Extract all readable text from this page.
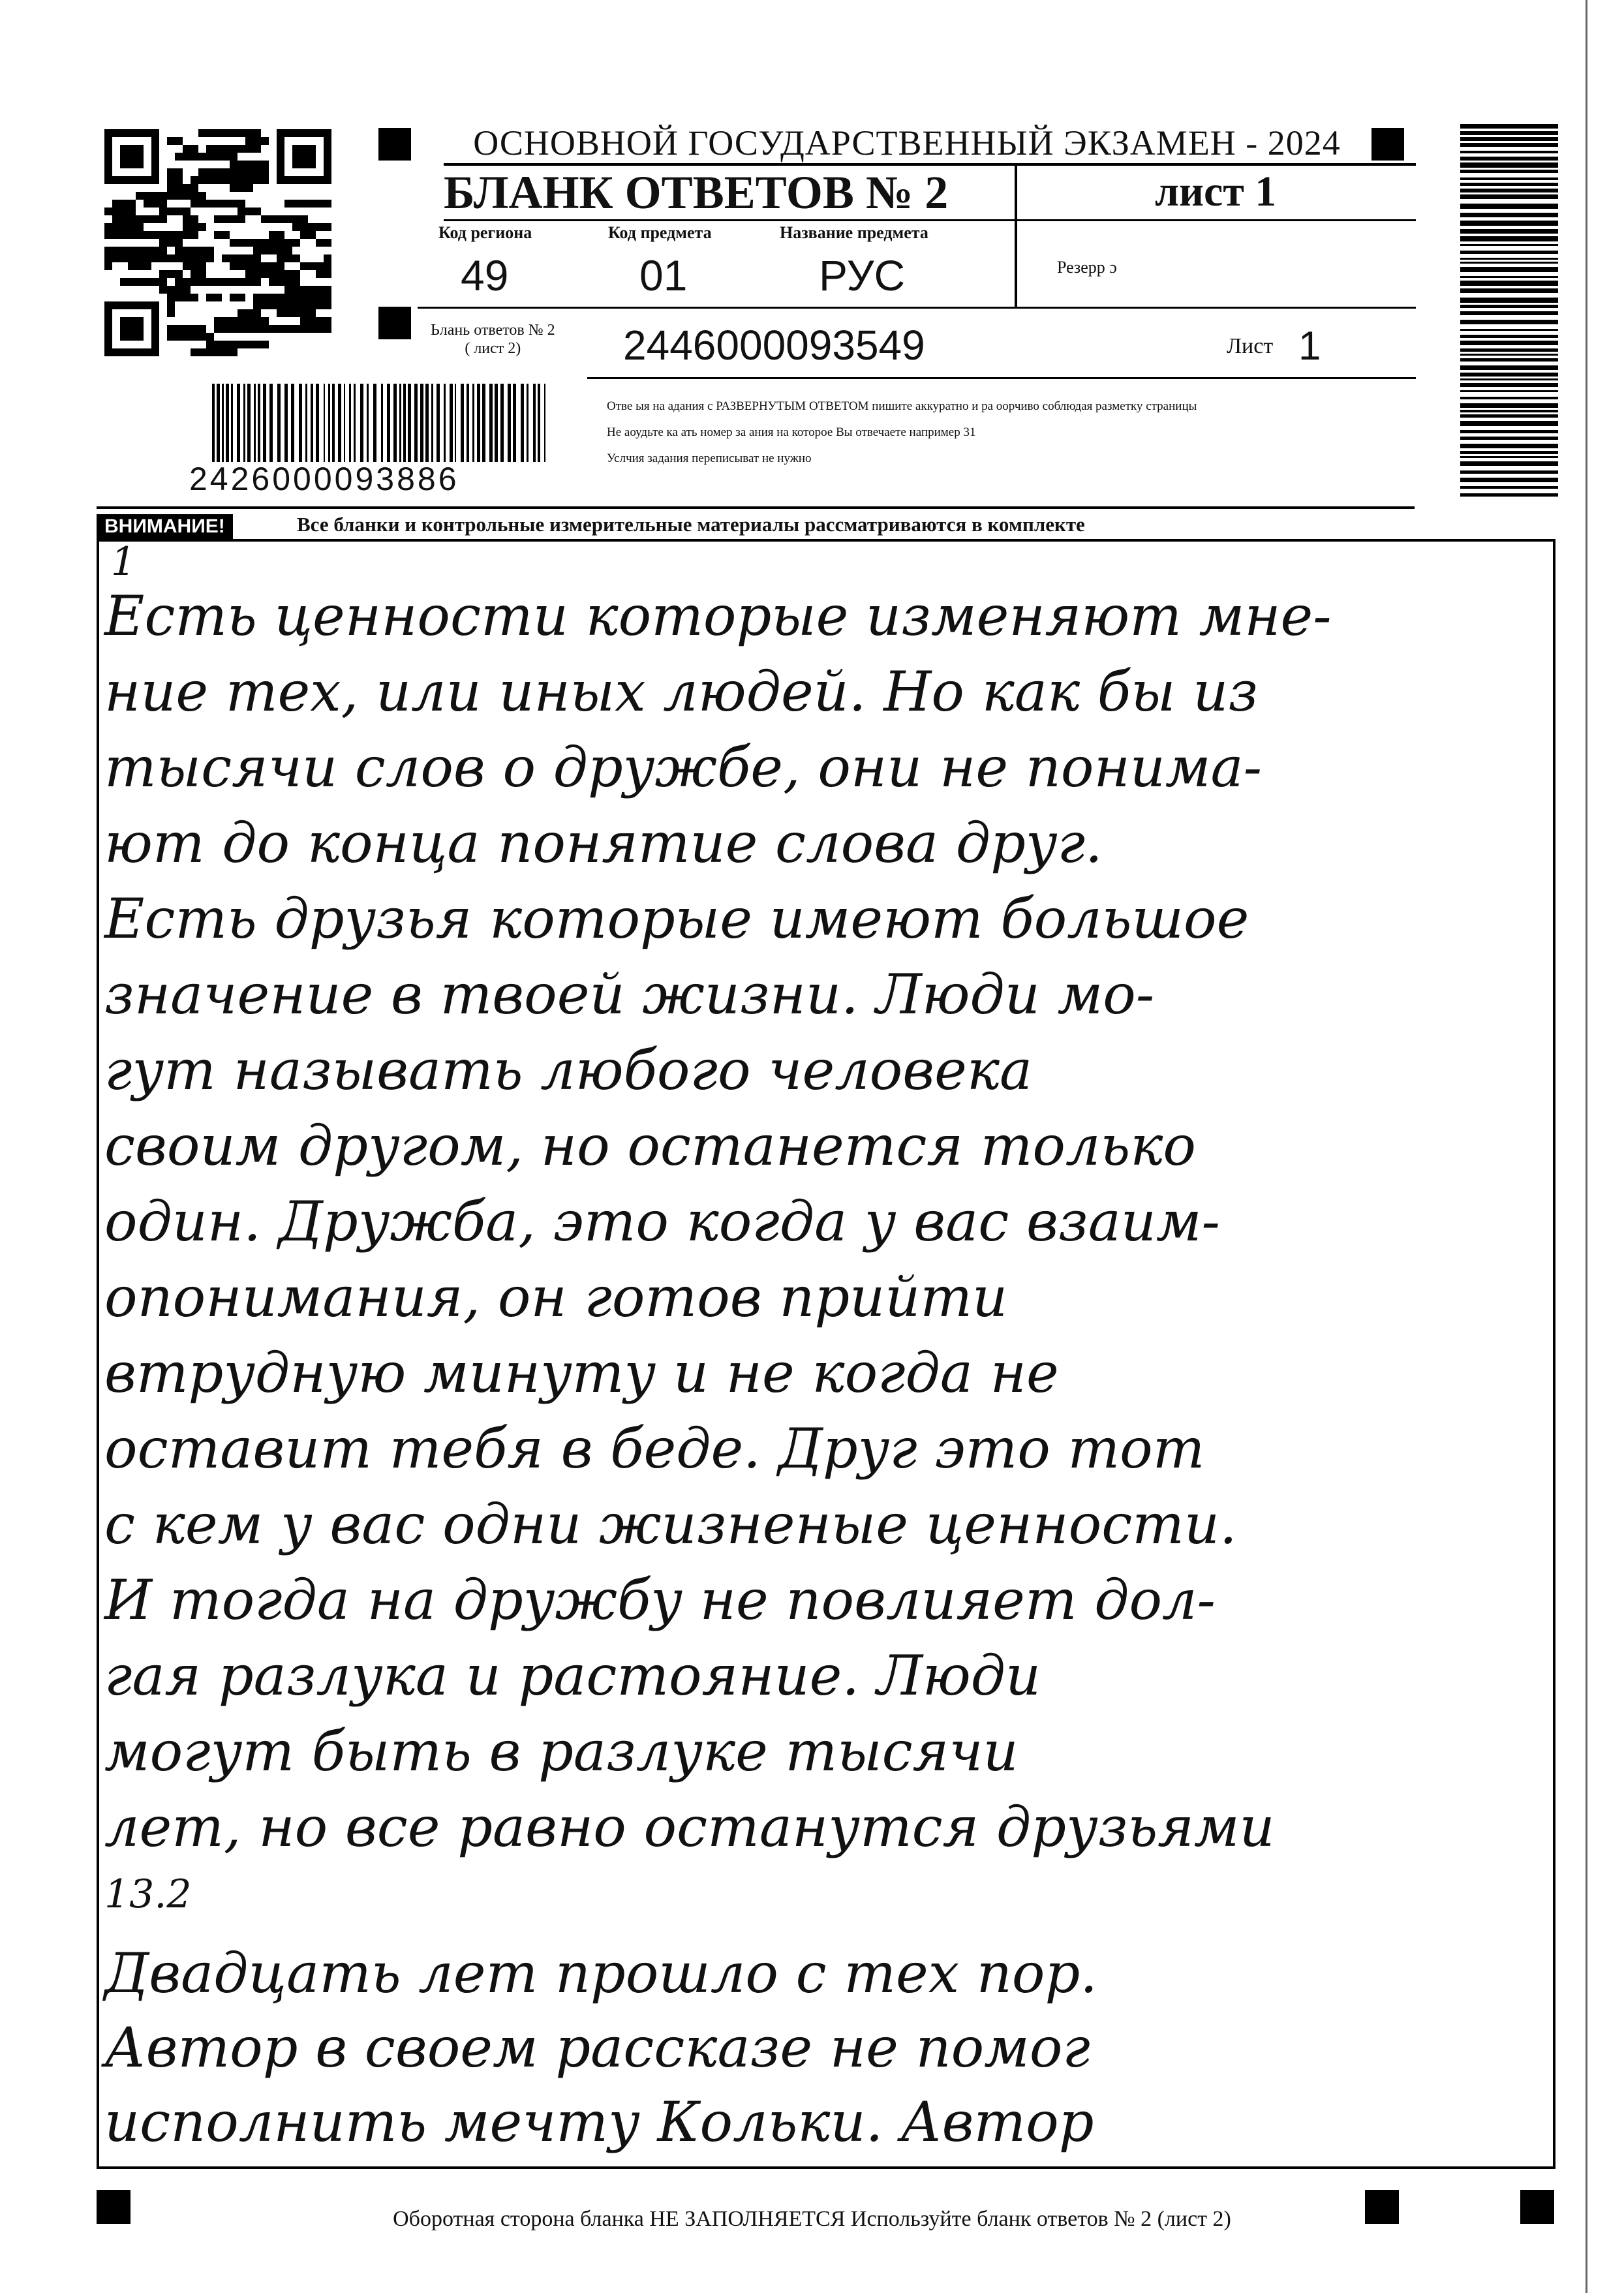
ОСНОВНОЙ ГОСУДАРСТВЕННЫЙ ЭКЗАМЕН - 2024
БЛАНК ОТВЕТОВ № 2	лист 1
Код региона	Код предмета	Название предмета
49	01	РУС	Резерр ɔ
Ьлань ответов № 2
( лист 2)	2446000093549	Лист 1
2426000093886
Отве ыя на адания с РАЗВЕРНУТЫМ ОТВЕТОМ пишите аккуратно и ра оорчиво соблюдая разметку страницы
Не аоудьте ка ать номер за ания на которое Вы отвечаете например 31
Услчия задания переписыват не нужно
ВНИМАНИЕ!	Все бланки и контрольные измерительные материалы рассматриваются в комплекте
1
Есть ценности которые изменяют мне-
ние тех, или иных людей. Но как бы из
тысячи слов о дружбе, они не понима-
ют до конца понятие слова друг.
Есть друзья которые имеют большое
значение в твоей жизни. Люди мо-
гут называть любого человека
своим другом, но останется только
один. Дружба, это когда у вас взаим-
опонимания, он готов прийти
втрудную минуту и не когда не
оставит тебя в беде. Друг это тот
с кем у вас одни жизненые ценности.
И тогда на дружбу не повлияет дол-
гая разлука и растояние. Люди
могут быть в разлуке тысячи
лет, но все равно останутся друзьями
13.2
Двадцать лет прошло с тех пор.
Автор в своем рассказе не помог
исполнить мечту Кольки. Автор
Оборотная сторона бланка НЕ ЗАПОЛНЯЕТСЯ Используйте бланк ответов № 2 (лист 2)
